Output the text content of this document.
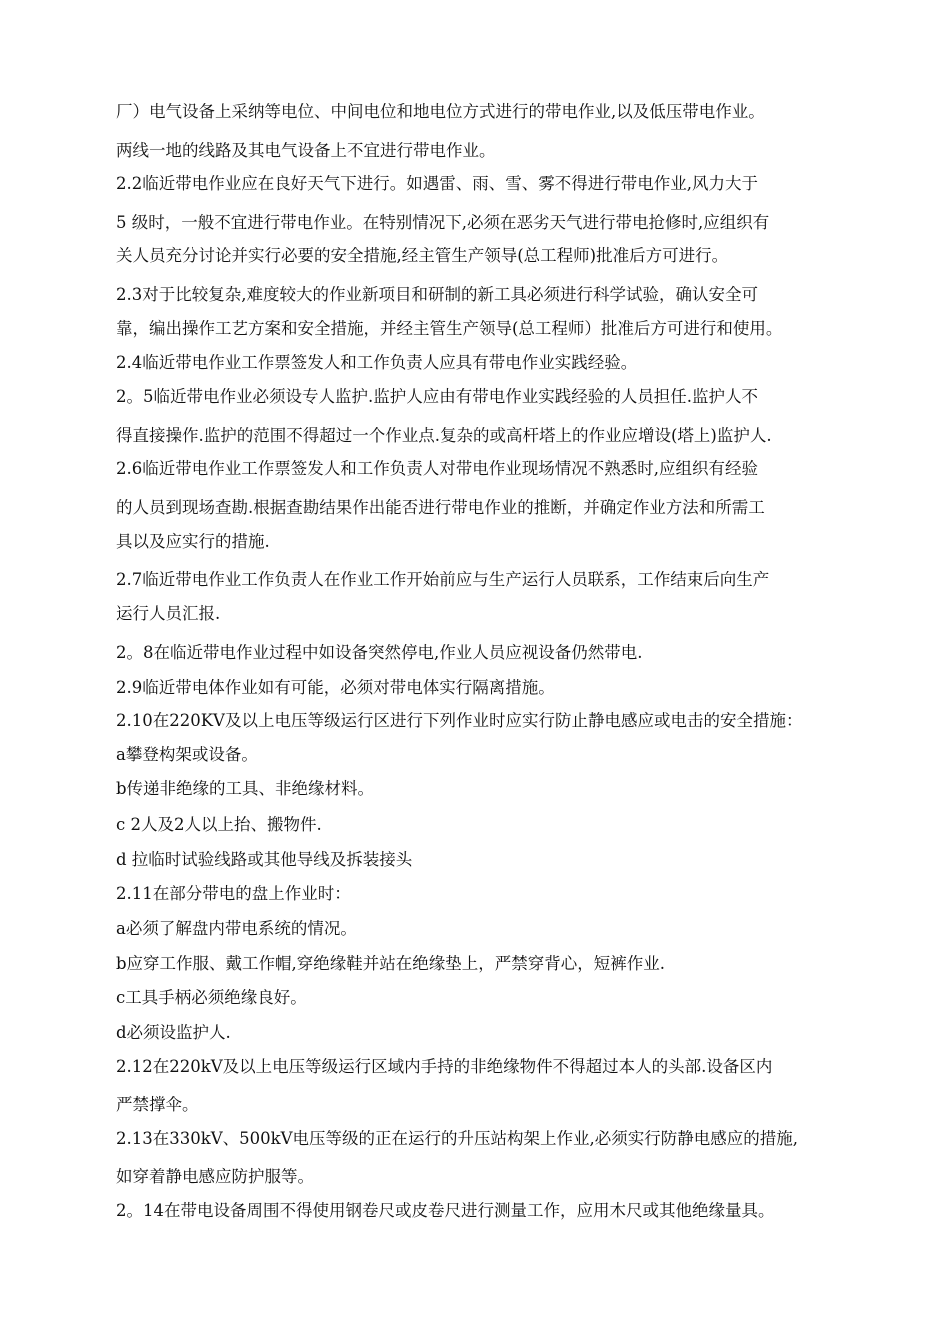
厂）电气设备上采纳等电位、中间电位和地电位方式进行的带电作业,以及低压带电作业。

两线一地的线路及其电气设备上不宜进行带电作业。

2.2临近带电作业应在良好天气下进行。如遇雷、雨、雪、雾不得进行带电作业,风力大于

5 级时，一般不宜进行带电作业。在特别情况下,必须在恶劣天气进行带电抢修时,应组织有

关人员充分讨论并实行必要的安全措施,经主管生产领导(总工程师)批准后方可进行。

2.3对于比较复杂,难度较大的作业新项目和研制的新工具必须进行科学试验，确认安全可

靠，编出操作工艺方案和安全措施，并经主管生产领导(总工程师）批准后方可进行和使用。

2.4临近带电作业工作票签发人和工作负责人应具有带电作业实践经验。

2。5临近带电作业必须设专人监护.监护人应由有带电作业实践经验的人员担任.监护人不

得直接操作.监护的范围不得超过一个作业点.复杂的或高杆塔上的作业应增设(塔上)监护人.

2.6临近带电作业工作票签发人和工作负责人对带电作业现场情况不熟悉时,应组织有经验

的人员到现场查勘.根据查勘结果作出能否进行带电作业的推断，并确定作业方法和所需工

具以及应实行的措施.

2.7临近带电作业工作负责人在作业工作开始前应与生产运行人员联系，工作结束后向生产

运行人员汇报.

2。8在临近带电作业过程中如设备突然停电,作业人员应视设备仍然带电.

2.9临近带电体作业如有可能，必须对带电体实行隔离措施。

2.10在220KV及以上电压等级运行区进行下列作业时应实行防止静电感应或电击的安全措施：

a攀登构架或设备。

b传递非绝缘的工具、非绝缘材料。

c 2人及2人以上抬、搬物件.

d 拉临时试验线路或其他导线及拆装接头

2.11在部分带电的盘上作业时：

a必须了解盘内带电系统的情况。

b应穿工作服、戴工作帽,穿绝缘鞋并站在绝缘垫上，严禁穿背心，短裤作业.

c工具手柄必须绝缘良好。

d必须设监护人.

2.12在220kV及以上电压等级运行区域内手持的非绝缘物件不得超过本人的头部.设备区内

严禁撑伞。

2.13在330kV、500kV电压等级的正在运行的升压站构架上作业,必须实行防静电感应的措施,

如穿着静电感应防护服等。

2。14在带电设备周围不得使用钢卷尺或皮卷尺进行测量工作，应用木尺或其他绝缘量具。
